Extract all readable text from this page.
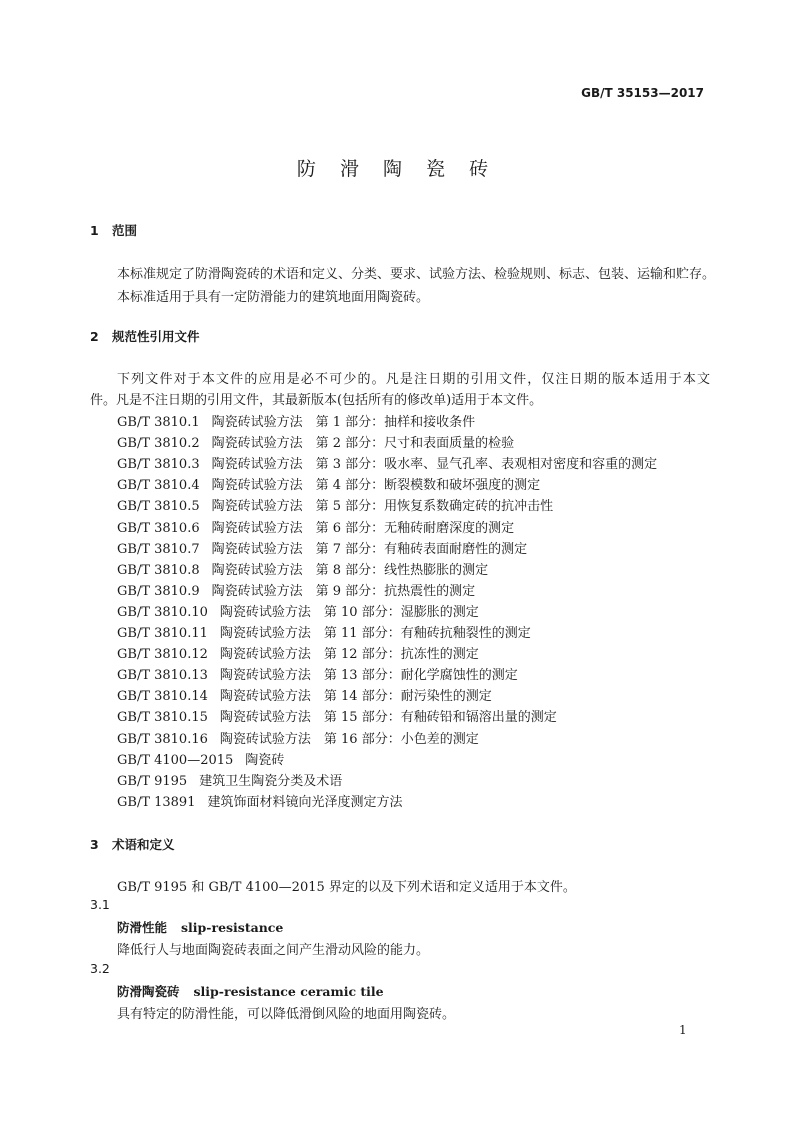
GB/T 35153—2017
防 滑 陶 瓷 砖
1 范围
本标准规定了防滑陶瓷砖的术语和定义、分类、要求、试验方法、检验规则、标志、包装、运输和贮存。
本标准适用于具有一定防滑能力的建筑地面用陶瓷砖。
2 规范性引用文件
下列文件对于本文件的应用是必不可少的。凡是注日期的引用文件，仅注日期的版本适用于本文
件。凡是不注日期的引用文件，其最新版本(包括所有的修改单)适用于本文件。
GB/T 3810.1 陶瓷砖试验方法　第 1 部分：抽样和接收条件
GB/T 3810.2 陶瓷砖试验方法　第 2 部分：尺寸和表面质量的检验
GB/T 3810.3 陶瓷砖试验方法　第 3 部分：吸水率、显气孔率、表观相对密度和容重的测定
GB/T 3810.4 陶瓷砖试验方法　第 4 部分：断裂模数和破坏强度的测定
GB/T 3810.5 陶瓷砖试验方法　第 5 部分：用恢复系数确定砖的抗冲击性
GB/T 3810.6 陶瓷砖试验方法　第 6 部分：无釉砖耐磨深度的测定
GB/T 3810.7 陶瓷砖试验方法　第 7 部分：有釉砖表面耐磨性的测定
GB/T 3810.8 陶瓷砖试验方法　第 8 部分：线性热膨胀的测定
GB/T 3810.9 陶瓷砖试验方法　第 9 部分：抗热震性的测定
GB/T 3810.10 陶瓷砖试验方法　第 10 部分：湿膨胀的测定
GB/T 3810.11 陶瓷砖试验方法　第 11 部分：有釉砖抗釉裂性的测定
GB/T 3810.12 陶瓷砖试验方法　第 12 部分：抗冻性的测定
GB/T 3810.13 陶瓷砖试验方法　第 13 部分：耐化学腐蚀性的测定
GB/T 3810.14 陶瓷砖试验方法　第 14 部分：耐污染性的测定
GB/T 3810.15 陶瓷砖试验方法　第 15 部分：有釉砖铅和镉溶出量的测定
GB/T 3810.16 陶瓷砖试验方法　第 16 部分：小色差的测定
GB/T 4100—2015 陶瓷砖
GB/T 9195 建筑卫生陶瓷分类及术语
GB/T 13891 建筑饰面材料镜向光泽度测定方法
3 术语和定义
GB/T 9195 和 GB/T 4100—2015 界定的以及下列术语和定义适用于本文件。
3.1
防滑性能 slip-resistance
降低行人与地面陶瓷砖表面之间产生滑动风险的能力。
3.2
防滑陶瓷砖 slip-resistance ceramic tile
具有特定的防滑性能，可以降低滑倒风险的地面用陶瓷砖。
1
